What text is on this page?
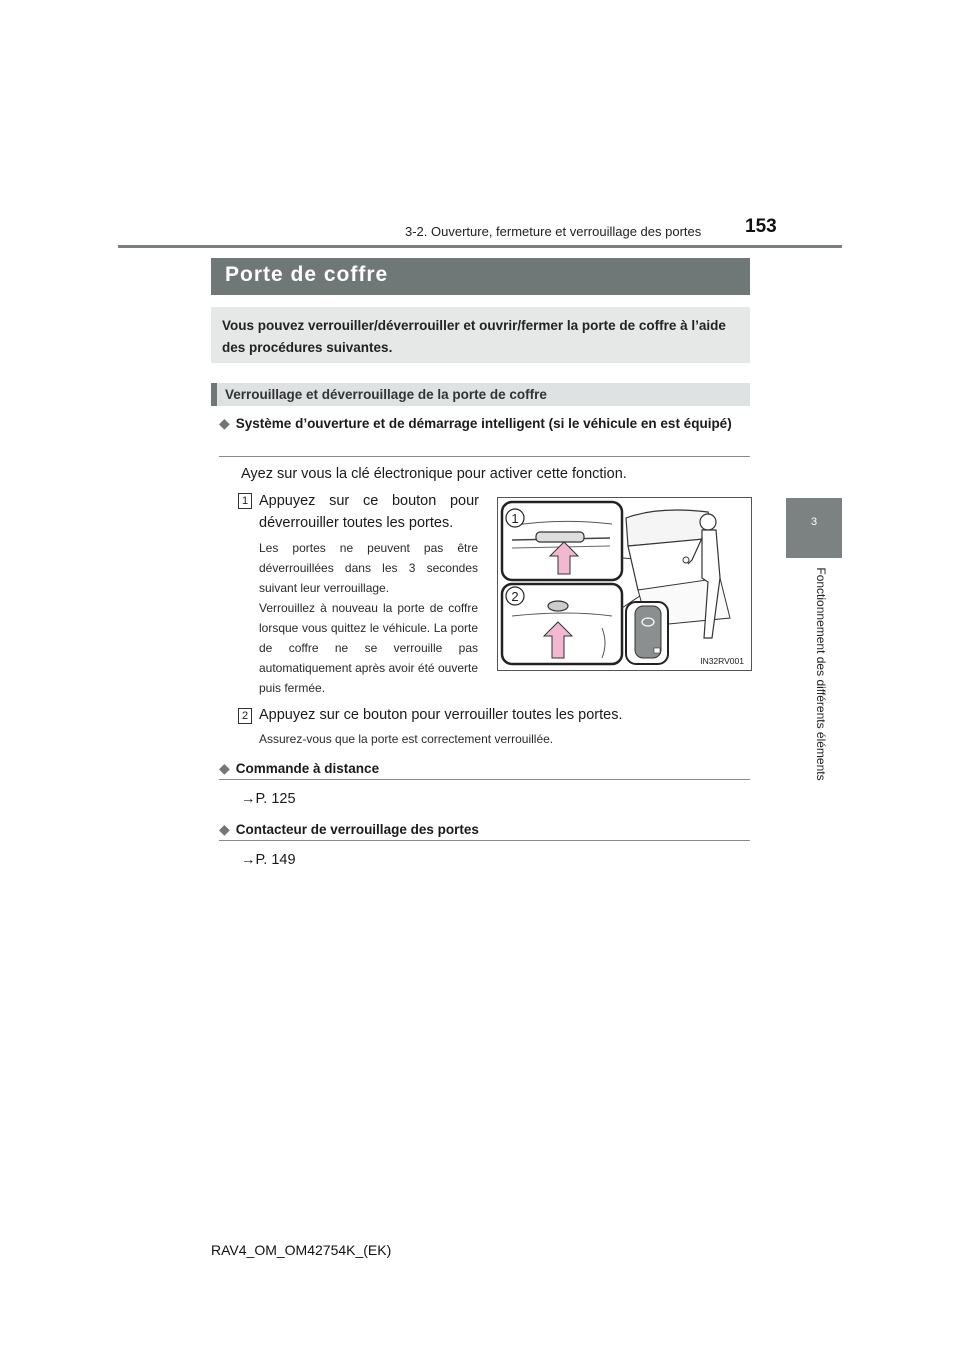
3-2. Ouverture, fermeture et verrouillage des portes 153
3
Fonctionnement des différents éléments
Porte de coffre
Vous pouvez verrouiller/déverrouiller et ouvrir/fermer la porte de coffre à l’aide des procédures suivantes.
Verrouillage et déverrouillage de la porte de coffre
◆ Système d’ouverture et de démarrage intelligent (si le véhicule en est équipé)
Ayez sur vous la clé électronique pour activer cette fonction.
1 Appuyez sur ce bouton pour déverrouiller toutes les portes.
Les portes ne peuvent pas être déverrouillées dans les 3 secondes suivant leur verrouillage.
Verrouillez à nouveau la porte de coffre lorsque vous quittez le véhicule. La porte de coffre ne se verrouille pas automatiquement après avoir été ouverte puis fermée.
1
2
IN32RV001
2 Appuyez sur ce bouton pour verrouiller toutes les portes.
Assurez-vous que la porte est correctement verrouillée.
◆ Commande à distance
→P. 125
◆ Contacteur de verrouillage des portes
→P. 149
RAV4_OM_OM42754K_(EK)
